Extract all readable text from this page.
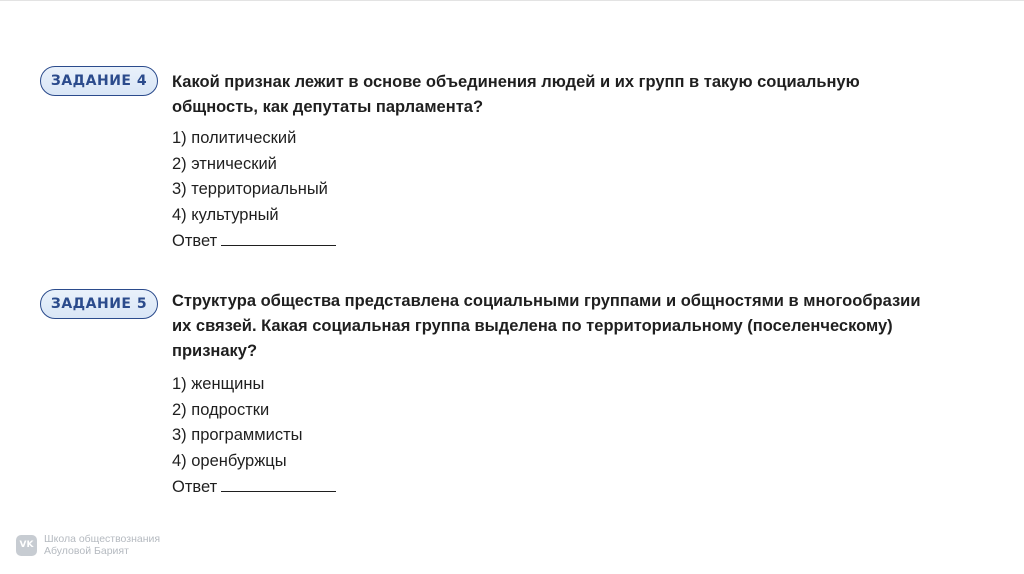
ЗАДАНИЕ 4 Какой признак лежит в основе объединения людей и их групп в такую социальную
общность, как депутаты парламента?
1) политический
2) этнический
3) территориальный
4) культурный
Ответ
ЗАДАНИЕ 5 Структура общества представлена социальными группами и общностями в многообразии
их связей. Какая социальная группа выделена по территориальному (поселенческому)
признаку?
1) женщины
2) подростки
3) программисты
4) оренбуржцы
Ответ
VK Школа обществознания
Абуловой Барият
